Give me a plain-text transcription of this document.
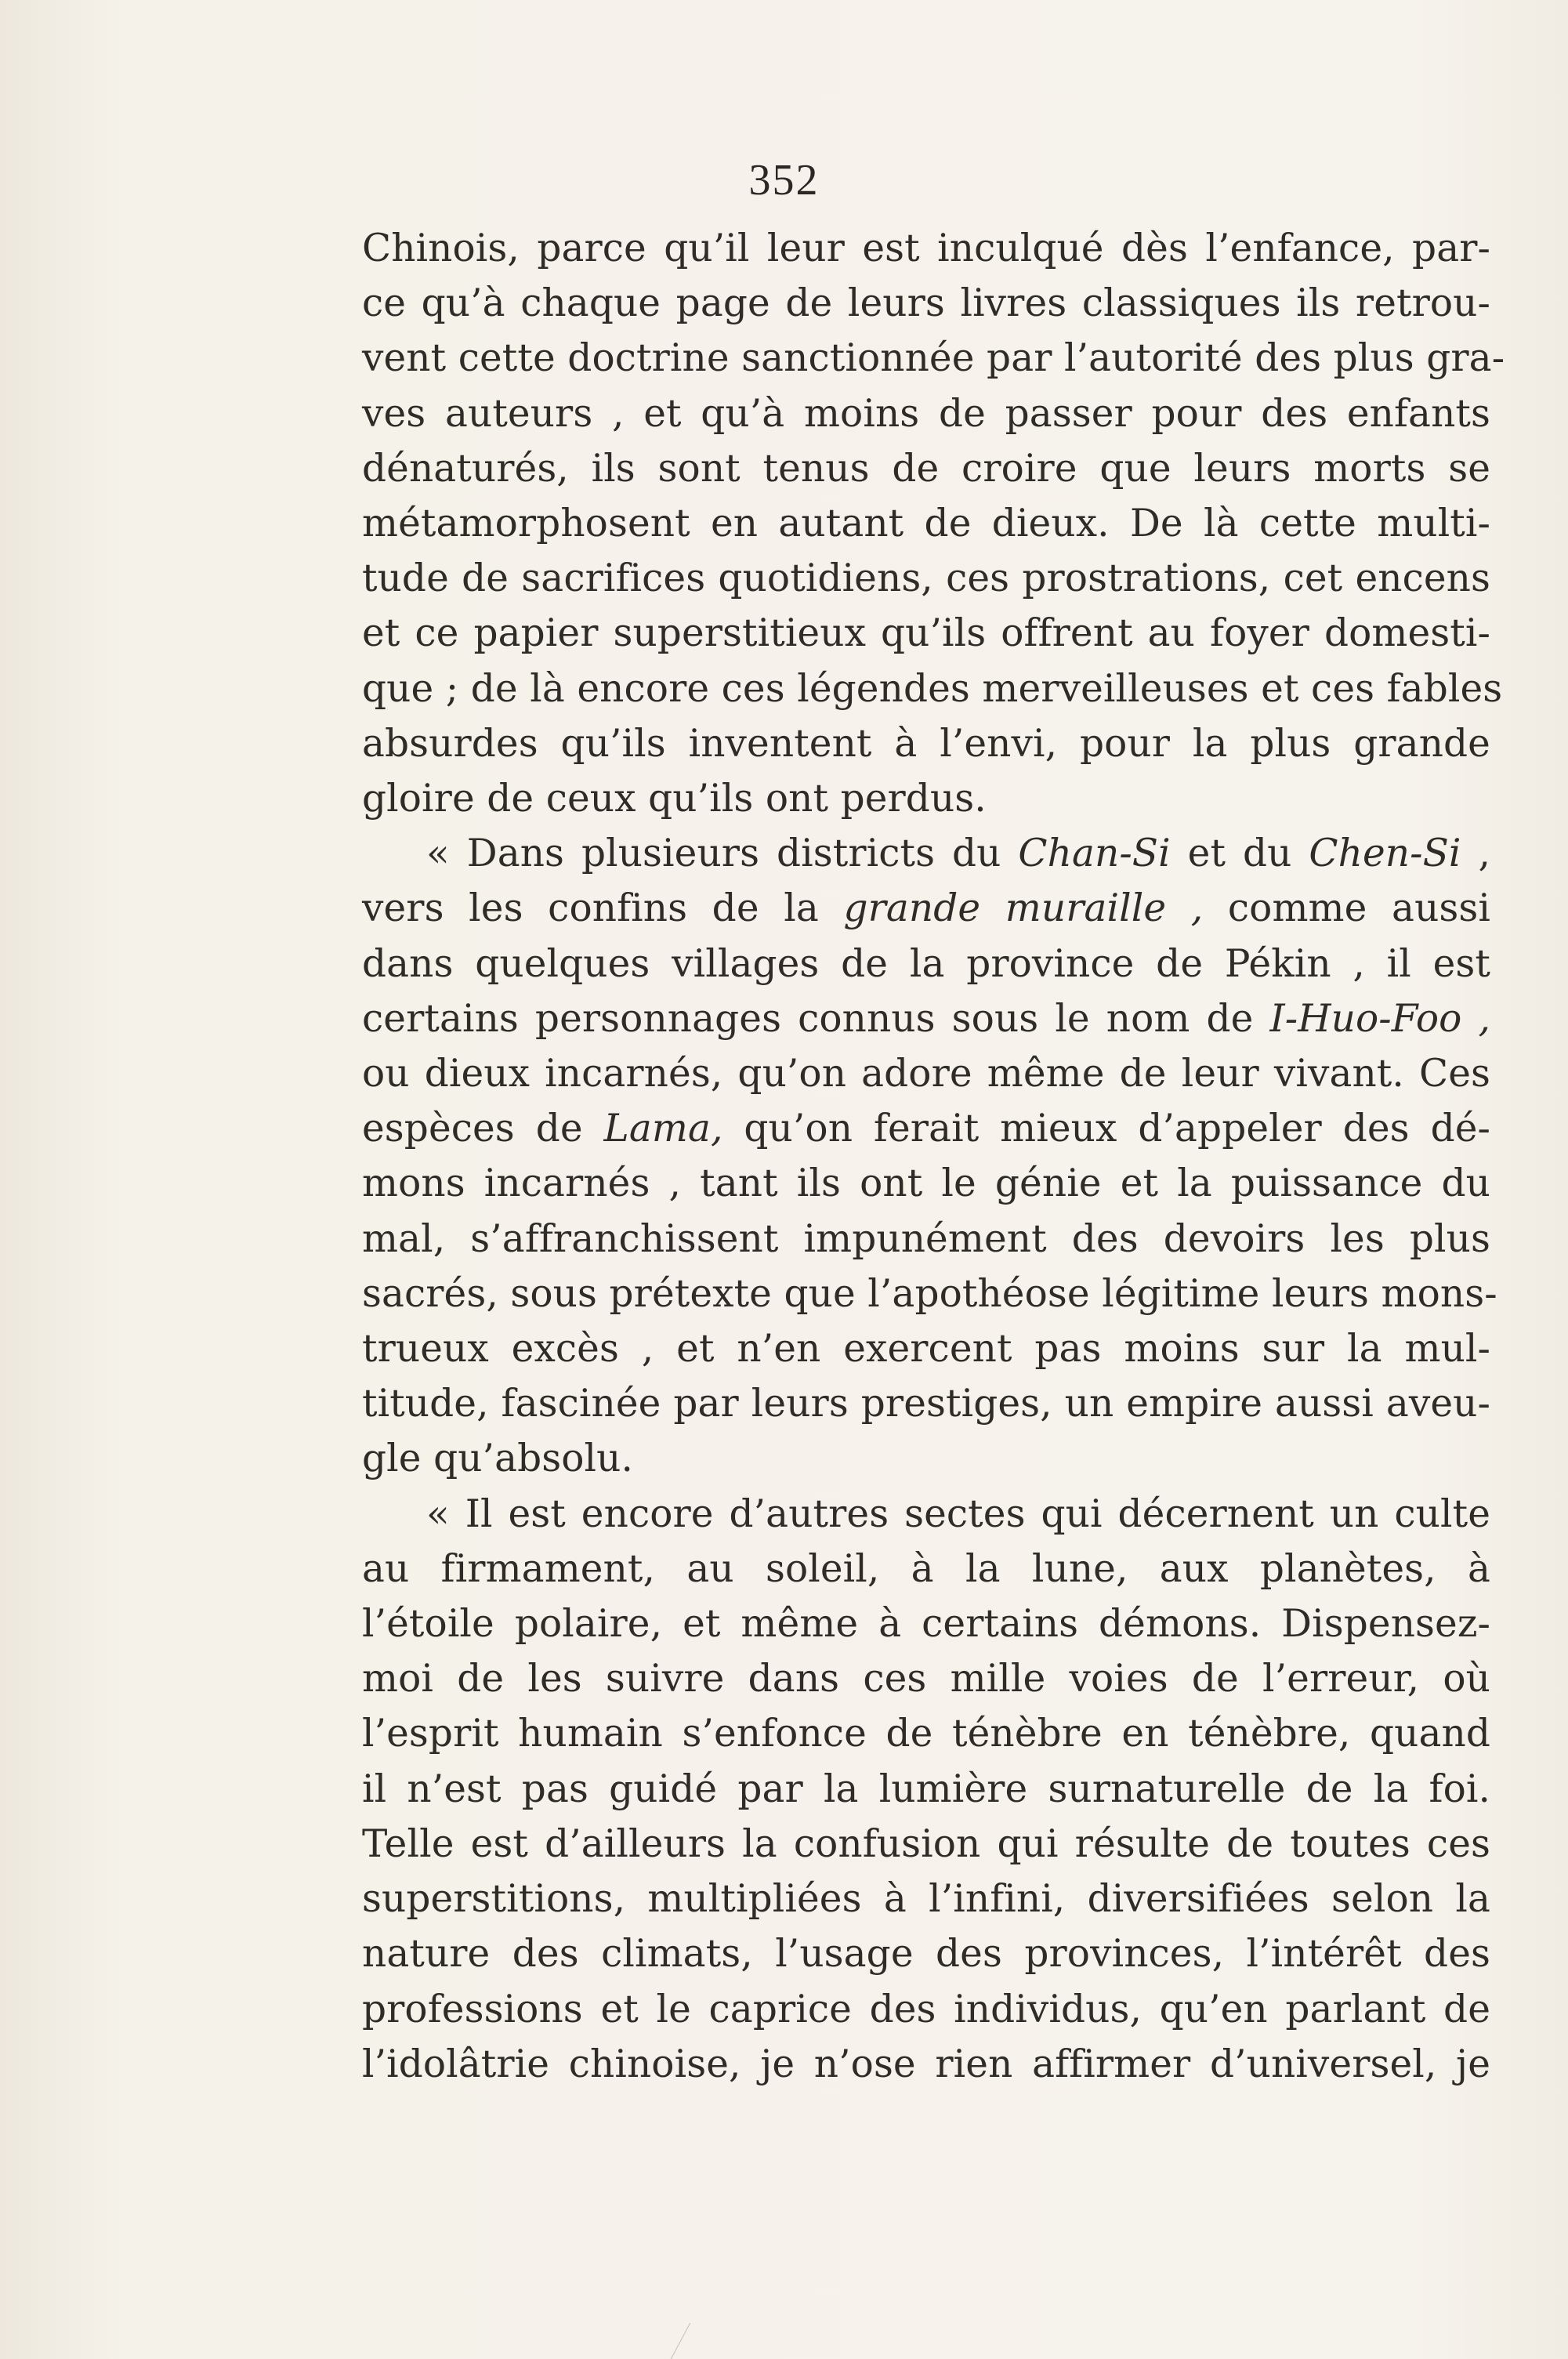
352
Chinois, parce qu’il leur est inculqué dès l’enfance, par-
ce qu’à chaque page de leurs livres classiques ils retrou-
vent cette doctrine sanctionnée par l’autorité des plus gra-
ves auteurs , et qu’à moins de passer pour des enfants
dénaturés, ils sont tenus de croire que leurs morts se
métamorphosent en autant de dieux. De là cette multi-
tude de sacrifices quotidiens, ces prostrations, cet encens
et ce papier superstitieux qu’ils offrent au foyer domesti-
que ; de là encore ces légendes merveilleuses et ces fables
absurdes qu’ils inventent à l’envi, pour la plus grande
gloire de ceux qu’ils ont perdus.
« Dans plusieurs districts du Chan-Si et du Chen-Si ,
vers les confins de la grande muraille , comme aussi
dans quelques villages de la province de Pékin , il est
certains personnages connus sous le nom de I-Huo-Foo ,
ou dieux incarnés, qu’on adore même de leur vivant. Ces
espèces de Lama, qu’on ferait mieux d’appeler des dé-
mons incarnés , tant ils ont le génie et la puissance du
mal, s’affranchissent impunément des devoirs les plus
sacrés, sous prétexte que l’apothéose légitime leurs mons-
trueux excès , et n’en exercent pas moins sur la mul-
titude, fascinée par leurs prestiges, un empire aussi aveu-
gle qu’absolu.
« Il est encore d’autres sectes qui décernent un culte
au firmament, au soleil, à la lune, aux planètes, à
l’étoile polaire, et même à certains démons. Dispensez-
moi de les suivre dans ces mille voies de l’erreur, où
l’esprit humain s’enfonce de ténèbre en ténèbre, quand
il n’est pas guidé par la lumière surnaturelle de la foi.
Telle est d’ailleurs la confusion qui résulte de toutes ces
superstitions, multipliées à l’infini, diversifiées selon la
nature des climats, l’usage des provinces, l’intérêt des
professions et le caprice des individus, qu’en parlant de
l’idolâtrie chinoise, je n’ose rien affirmer d’universel, je
